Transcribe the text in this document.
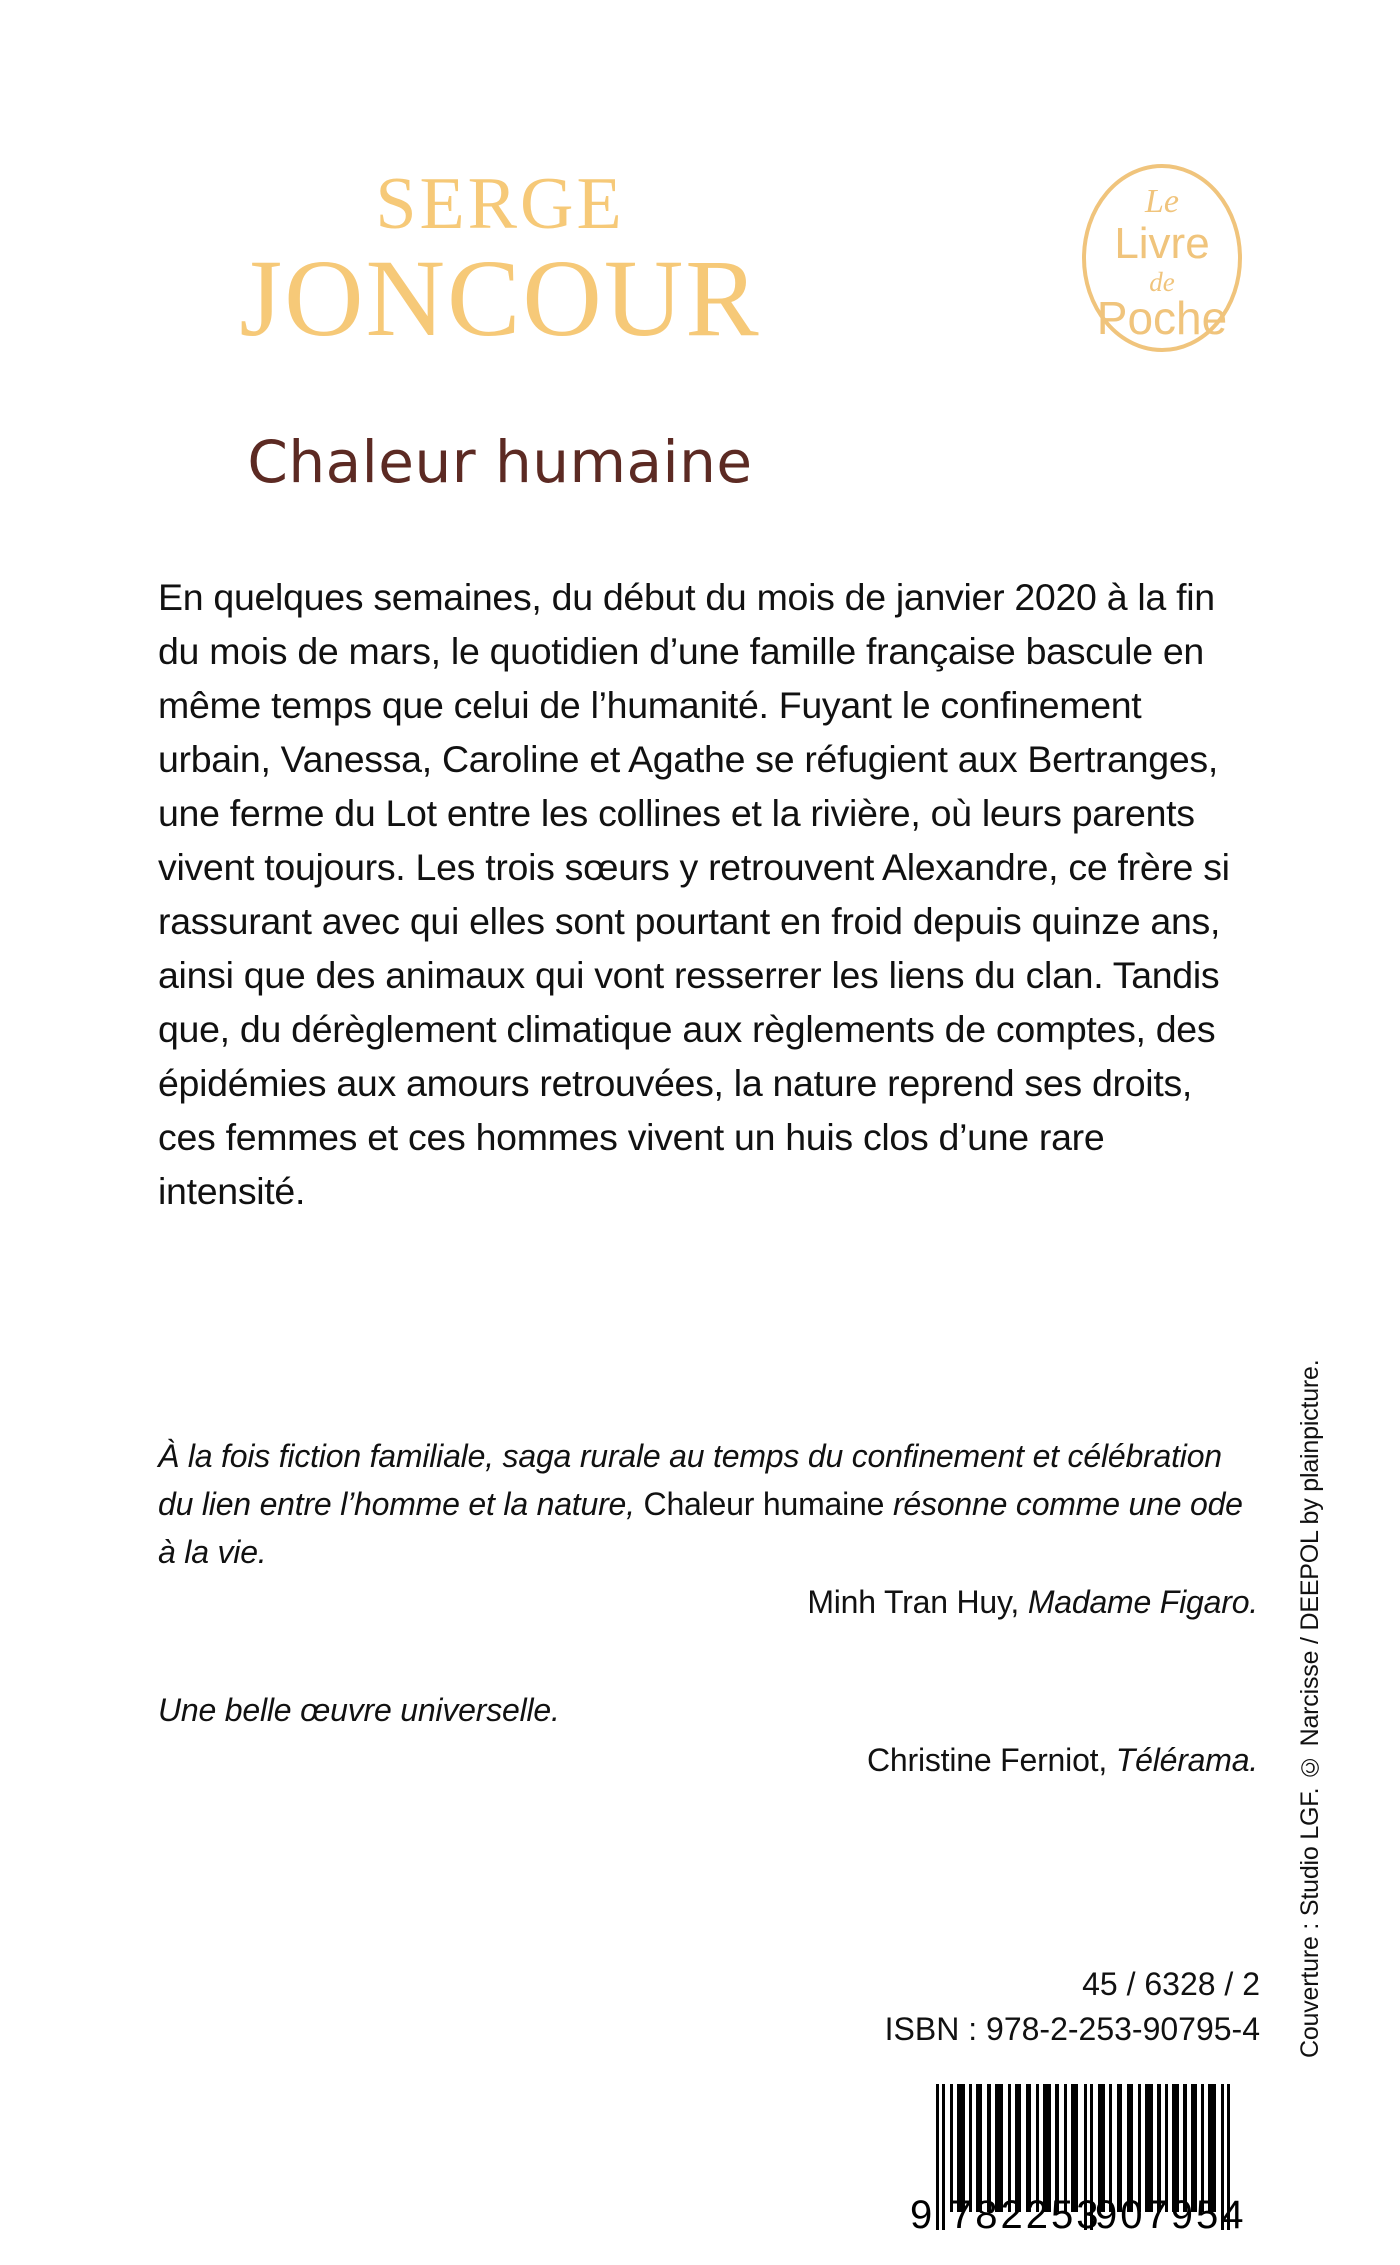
Le
Livre
de
Poche
SERGE
JONCOUR
Chaleur humaine

En quelques semaines, du début du mois de janvier 2020 à la fin du mois de mars, le quotidien d’une famille française bascule en même temps que celui de l’humanité. Fuyant le confinement urbain, Vanessa, Caroline et Agathe se réfugient aux Bertranges, une ferme du Lot entre les collines et la rivière, où leurs parents vivent toujours. Les trois sœurs y retrouvent Alexandre, ce frère si rassurant avec qui elles sont pourtant en froid depuis quinze ans, ainsi que des animaux qui vont resserrer les liens du clan. Tandis que, du dérèglement climatique aux règlements de comptes, des épidémies aux amours retrouvées, la nature reprend ses droits, ces femmes et ces hommes vivent un huis clos d’une rare intensité.

À la fois fiction familiale, saga rurale au temps du confinement et célébration du lien entre l’homme et la nature, Chaleur humaine résonne comme une ode à la vie.
Minh Tran Huy, Madame Figaro.
Une belle œuvre universelle.
Christine Ferniot, Télérama. Couverture : Studio LGF. © Narcisse / DEEPOL by plainpicture.
45 / 6328 / 2
ISBN : 978-2-253-90795-4
9 782253
907954
